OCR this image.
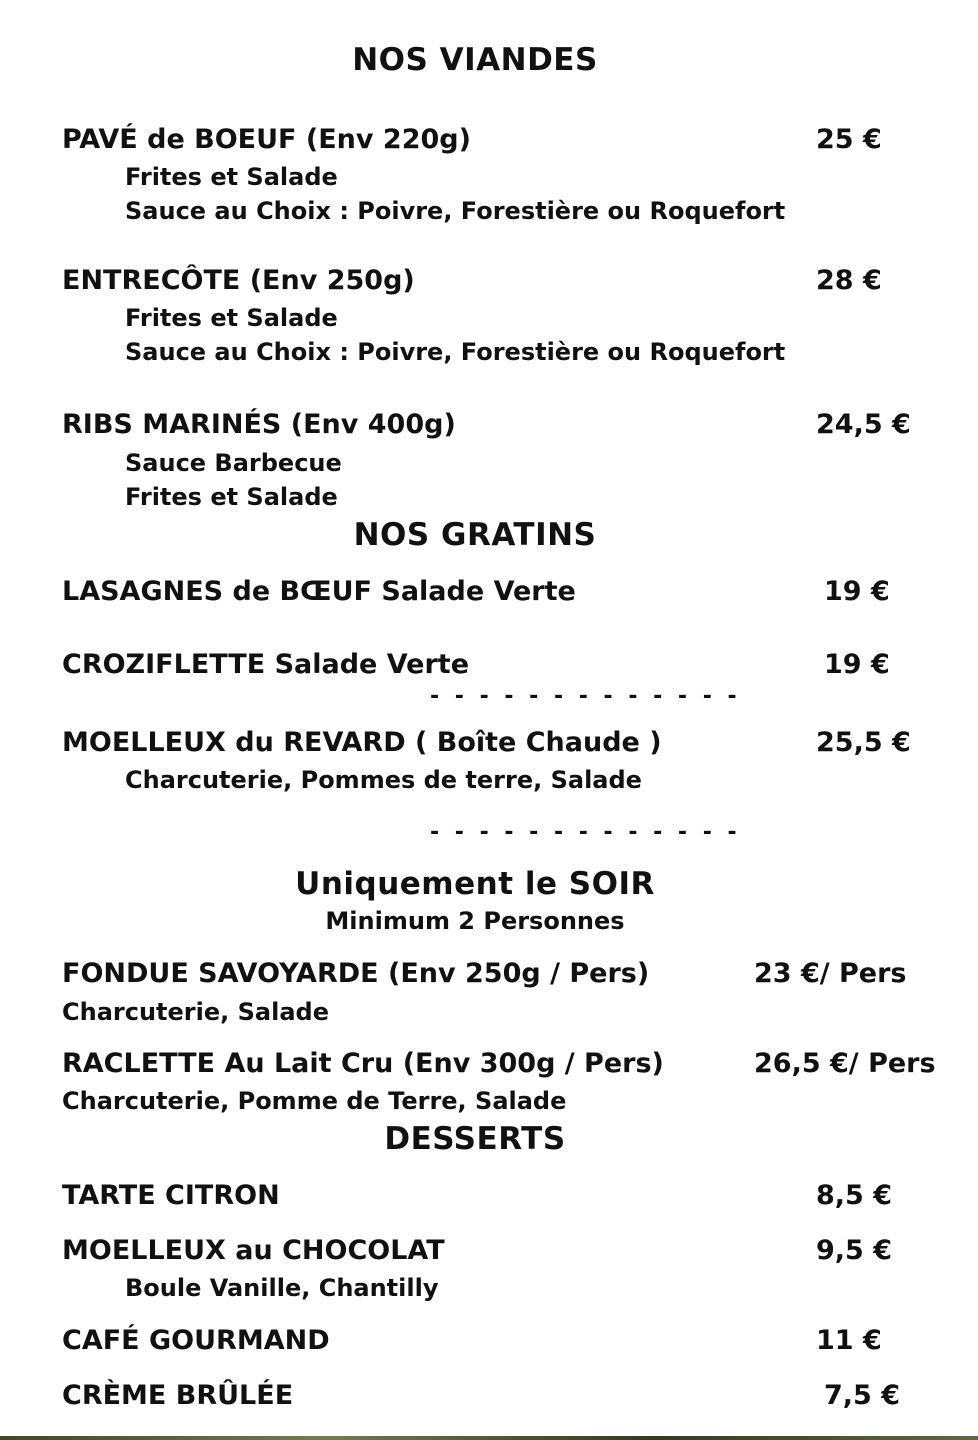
NOS VIANDES
PAVÉ de BOEUF (Env 220g)	25 €
Frites et Salade
Sauce au Choix : Poivre, Forestière ou Roquefort
ENTRECÔTE (Env 250g)	28 €
Frites et Salade
Sauce au Choix : Poivre, Forestière ou Roquefort
RIBS MARINÉS (Env 400g)	24,5 €
Sauce Barbecue
Frites et Salade
NOS GRATINS
LASAGNES de BŒUF Salade Verte	19 €
CROZIFLETTE Salade Verte	19 €
- - - - - - - - - - - - -
MOELLEUX du REVARD ( Boîte Chaude )	25,5 €
Charcuterie, Pommes de terre, Salade
- - - - - - - - - - - - -
Uniquement le SOIR
Minimum 2 Personnes
FONDUE SAVOYARDE (Env 250g / Pers)	23 €/ Pers
Charcuterie, Salade
RACLETTE Au Lait Cru (Env 300g / Pers)	26,5 €/ Pers
Charcuterie, Pomme de Terre, Salade
DESSERTS
TARTE CITRON	8,5 €
MOELLEUX au CHOCOLAT	9,5 €
Boule Vanille, Chantilly
CAFÉ GOURMAND	11 €
CRÈME BRÛLÉE	7,5 €
